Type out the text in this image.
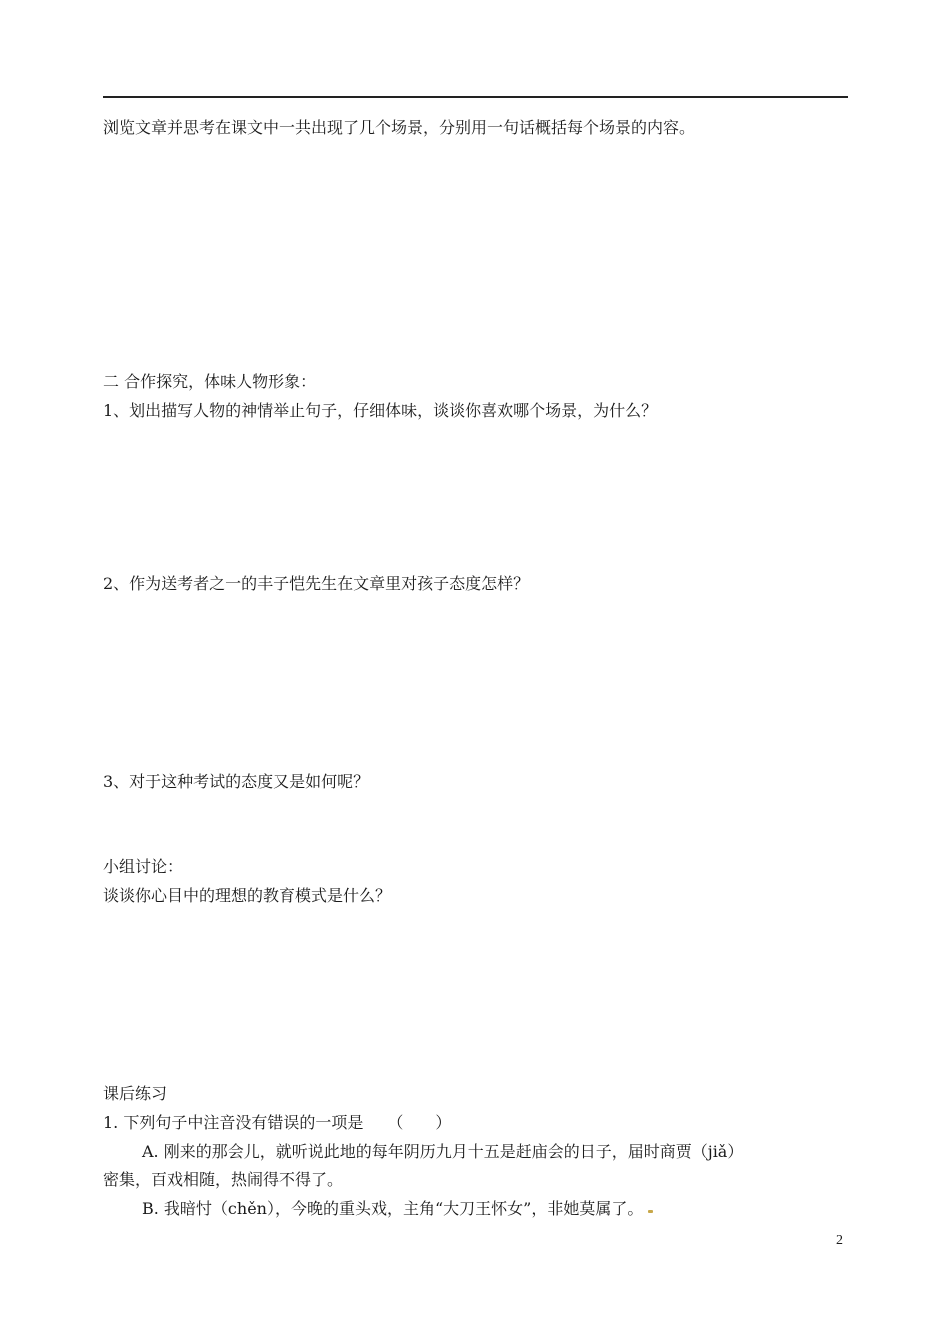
浏览文章并思考在课文中一共出现了几个场景，分别用一句话概括每个场景的内容。
二 合作探究，体味人物形象：
1、划出描写人物的神情举止句子，仔细体味，谈谈你喜欢哪个场景，为什么？
2、作为送考者之一的丰子恺先生在文章里对孩子态度怎样？
3、对于这种考试的态度又是如何呢？
小组讨论：
谈谈你心目中的理想的教育模式是什么？
课后练习
1. 下列句子中注音没有错误的一项是　　（　　）
A. 刚来的那会儿，就听说此地的每年阴历九月十五是赶庙会的日子，届时商贾（jiǎ）
密集，百戏相随，热闹得不得了。
B. 我暗忖（chěn），今晚的重头戏，主角“大刀王怀女”，非她莫属了。
2
